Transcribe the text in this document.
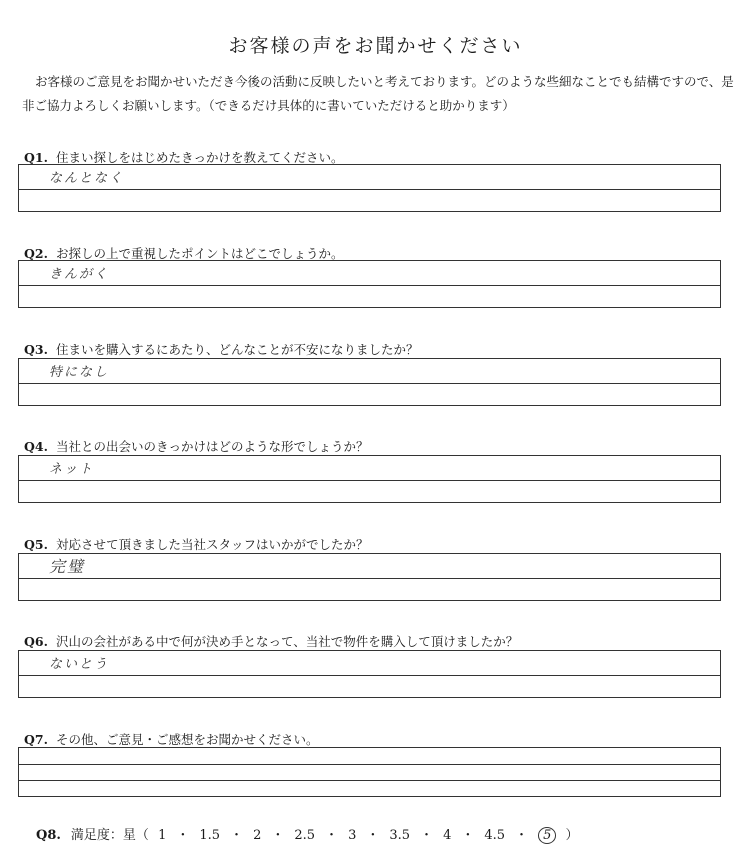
お客様の声をお聞かせください
お客様のご意見をお聞かせいただき今後の活動に反映したいと考えております。どのような些細なことでも結構ですので、是非ご協力よろしくお願いします。（できるだけ具体的に書いていただけると助かります）
Q1. 住まい探しをはじめたきっかけを教えてください。
なんとなく
Q2. お探しの上で重視したポイントはどこでしょうか。
きんがく
Q3. 住まいを購入するにあたり、どんなことが不安になりましたか？
特になし
Q4. 当社との出会いのきっかけはどのような形でしょうか？
ネット
Q5. 対応させて頂きました当社スタッフはいかがでしたか？
完璧
Q6. 沢山の会社がある中で何が決め手となって、当社で物件を購入して頂けましたか？
ないとう
Q7. その他、ご意見・ご感想をお聞かせください。
Q8. 満足度：星（ 1 ・ 1.5 ・ 2 ・ 2.5 ・ 3 ・ 3.5 ・ 4 ・ 4.5 ・ 5 ）
